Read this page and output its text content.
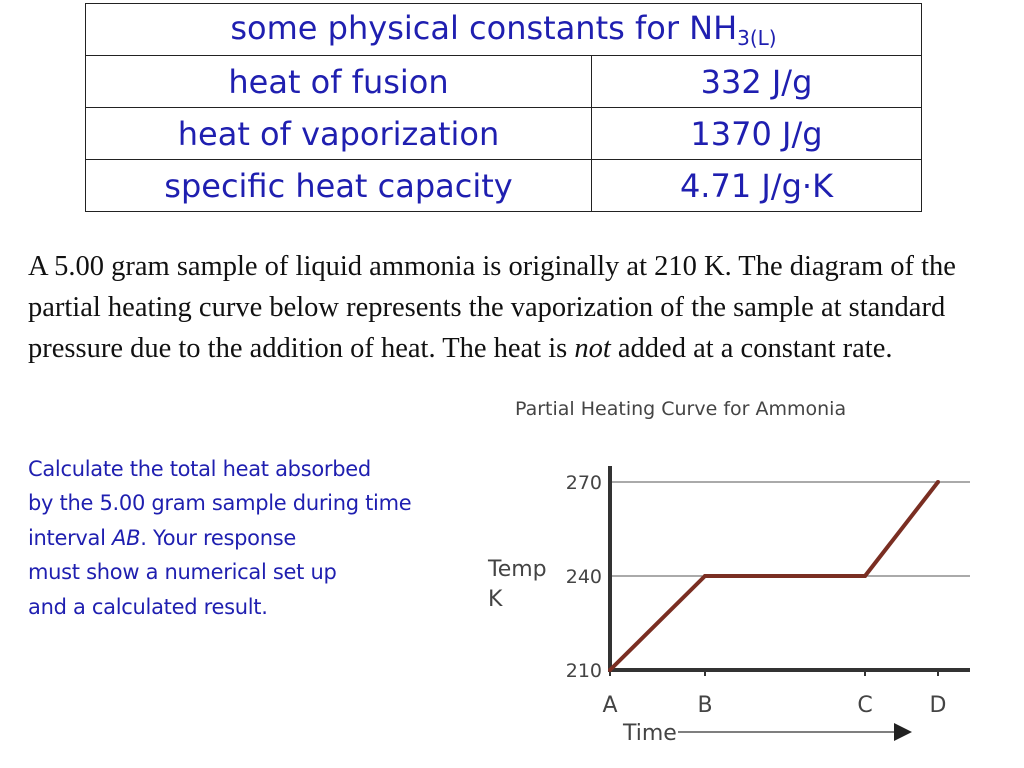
some physical constants for $NH_{3(L)}$
heat of fusion	332 J/g
heat of vaporization	1370 J/g
specific heat capacity	4.71 J/g·K

A 5.00 gram sample of liquid ammonia is originally at 210 K. The diagram of the partial heating curve below represents the vaporization of the sample at standard pressure due to the addition of heat. The heat is not added at a constant rate.

Calculate the total heat absorbed
by the 5.00 gram sample during time
interval AB. Your response
must show a numerical set up
and a calculated result.
Partial Heating Curve for Ammonia
Temp
K
210
240
270
A	B	C	D
Time
